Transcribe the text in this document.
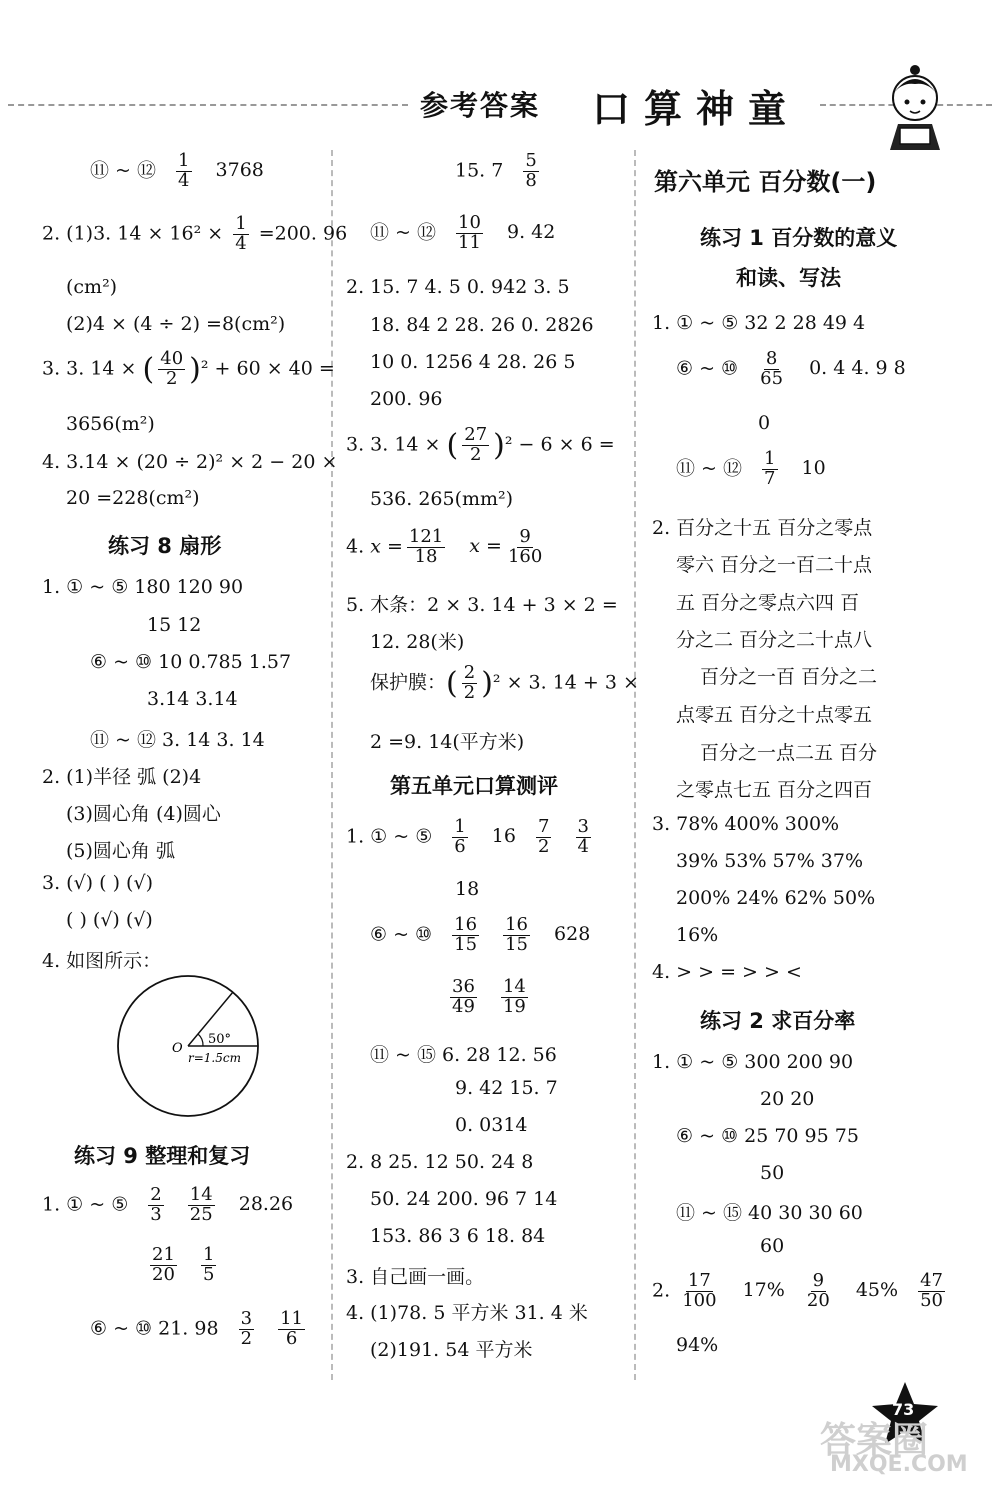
参考答案 口算神童
⑪ ~ ⑫ $\frac{1}{4} 3768$
2. (1)3. $14 \times 16^2 \times \frac{1}{4} =200$. 96
(cm²)
(2)4 × (4 ÷ 2) =8(cm²)
3. 3. 14 × ( $\frac{40}{2} )^2 + 60 \times 40$ =
3656(m²)
4. 3.14 × (20 ÷ 2)² × 2 − 20 ×
20 =228(cm²)
练习 8 扇形
1. ① ~ ⑤ 180 120 90
15 12
⑥ ~ ⑩ 10 0.785 1.57
3.14 3.14
⑪ ~ ⑫ 3. 14 3. 14
2. (1)半径 弧 (2)4
(3)圆心角 (4)圆心
(5)圆心角 弧
3. (√) ( ) (√)
( ) (√) (√)
4. 如图所示：
50°
O
r=1.5cm
练习 9 整理和复习
1. ① ~ ⑤ $\frac{2}{3}$
$\frac{14}{25} 28.26$
$\frac{21}{20}$
$\frac{1}{5}$
⑥ ~ ⑩ 21. $98 \frac{3}{2}$
$\frac{11}{6}$
15. $7 \frac{5}{8}$
⑪ ~ ⑫ $\frac{10}{11} 9$. 42
2. 15. 7 4. 5 0. 942 3. 5
18. 84 2 28. 26 0. 2826
10 0. 1256 4 28. 26 5
200. 96
3. 3. 14 × ( $\frac{27}{2} )^2 - 6 \times 6$ =
536. 265(mm²)
4. $x = \frac{121}{18}$ $x = \frac{9}{160}$
5. 木条：2 × 3. 14 + 3 × 2 =
12. 28(米)
保护膜：( $\frac{2}{2} )^2 \times 3$. 14 + 3 ×
2 =9. 14(平方米)
第五单元口算测评
1. ① ~ ⑤ $\frac{1}{6} 16 \frac{7}{2}$
$\frac{3}{4}$
18
⑥ ~ ⑩ $\frac{16}{15}$
$\frac{16}{15} 628$
$\frac{36}{49}$
$\frac{14}{19}$
⑪ ~ ⑮ 6. 28 12. 56
9. 42 15. 7
0. 0314
2. 8 25. 12 50. 24 8
50. 24 200. 96 7 14
153. 86 3 6 18. 84
3. 自己画一画。
4. (1)78. 5 平方米 31. 4 米
(2)191. 54 平方米
第六单元 百分数(一)
练习 1 百分数的意义
和读、写法
1. ① ~ ⑤ 32 2 28 49 4
⑥ ~ ⑩ $\frac{8}{65} 0$. 4 4. 9 8
0
⑪ ~ ⑫ $\frac{1}{7} 10$
2. 百分之十五 百分之零点
零六 百分之一百二十点
五 百分之零点六四 百
分之二 百分之二十点八
百分之一百 百分之二
点零五 百分之十点零五
百分之一点二五 百分
之零点七五 百分之四百
3. 78% 400% 300%
39% 53% 57% 37%
200% 24% 62% 50%
16%
4. > > = > > <
练习 2 求百分率
1. ① ~ ⑤ 300 200 90
20 20
⑥ ~ ⑩ 25 70 95 75
50
⑪ ~ ⑮ 40 30 30 60
60
2. $\frac{17}{100} 17\% \frac{9}{20} 45\% \frac{47}{50}$
94%
73
答案圈
MXQE.COM
